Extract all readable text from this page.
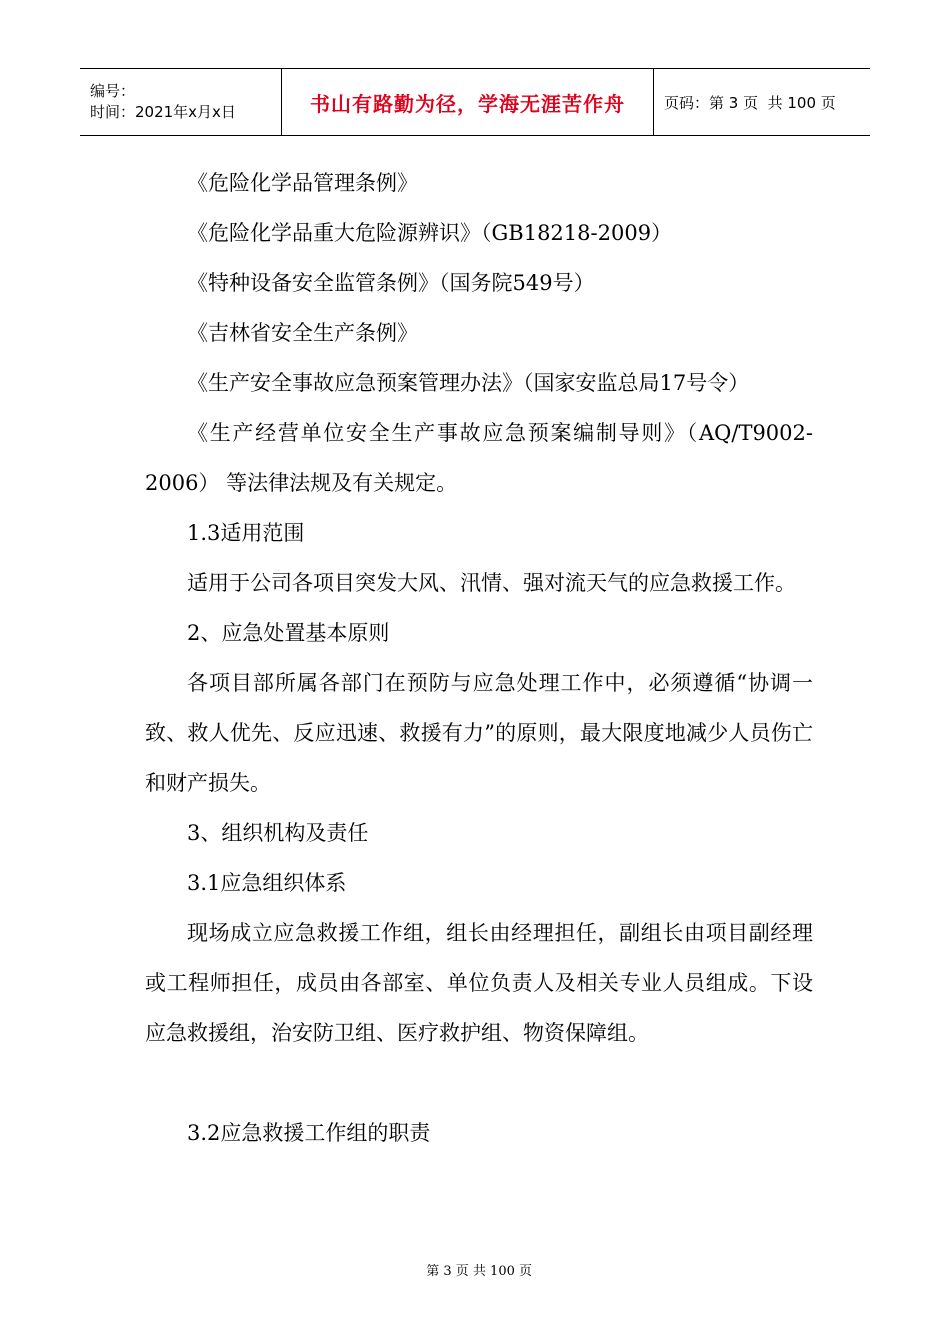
编号：
时间：2021年x月x日	书山有路勤为径，学海无涯苦作舟	页码：第 3 页  共 100 页

《危险化学品管理条例》

《危险化学品重大危险源辨识》（GB18218-2009）

《特种设备安全监管条例》（国务院549号）

《吉林省安全生产条例》

《生产安全事故应急预案管理办法》（国家安监总局17号令）

《生产经营单位安全生产事故应急预案编制导则》（AQ/T9002-2006） 等法律法规及有关规定。

1.3适用范围

适用于公司各项目突发大风、汛情、强对流天气的应急救援工作。

2、应急处置基本原则

各项目部所属各部门在预防与应急处理工作中，必须遵循“协调一致、救人优先、反应迅速、救援有力”的原则，最大限度地减少人员伤亡和财产损失。

3、组织机构及责任

3.1应急组织体系

现场成立应急救援工作组，组长由经理担任，副组长由项目副经理或工程师担任，成员由各部室、单位负责人及相关专业人员组成。下设应急救援组，治安防卫组、医疗救护组、物资保障组。

3.2应急救援工作组的职责

第 3 页 共 100 页
